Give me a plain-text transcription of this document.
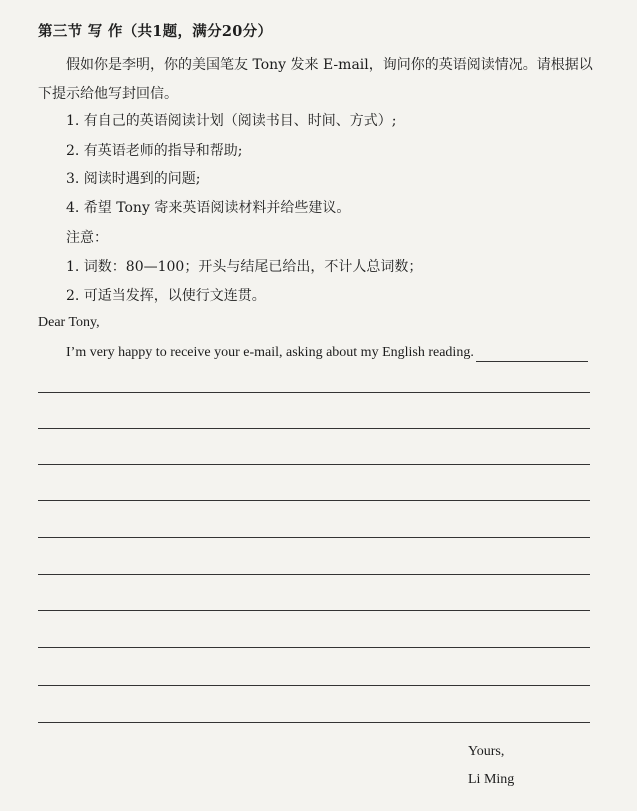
第三节 写 作（共1题，满分20分）
假如你是李明，你的美国笔友 Tony 发来 E-mail，询问你的英语阅读情况。请根据以下提示给他写封回信。
1. 有自己的英语阅读计划（阅读书目、时间、方式）;
2. 有英语老师的指导和帮助;
3. 阅读时遇到的问题;
4. 希望 Tony 寄来英语阅读材料并给些建议。
注意：
1. 词数：80—100；开头与结尾已给出，不计人总词数；
2. 可适当发挥，以使行文连贯。
Dear Tony,
I’m very happy to receive your e-mail, asking about my English reading.
Yours,
Li Ming
